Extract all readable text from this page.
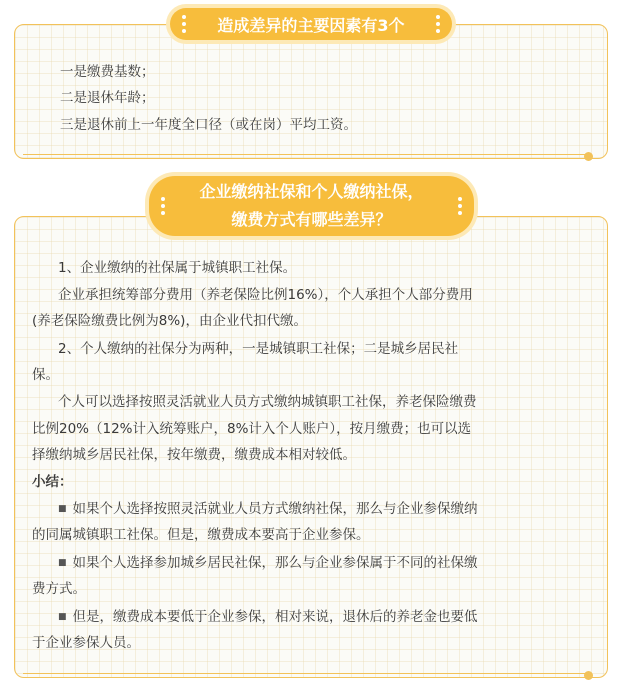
造成差异的主要因素有3个

一是缴费基数；

二是退休年龄；

三是退休前上一年度全口径（或在岗）平均工资。

企业缴纳社保和个人缴纳社保，
缴费方式有哪些差异？

1、企业缴纳的社保属于城镇职工社保。

企业承担统筹部分费用（养老保险比例16%），个人承担个人部分费用

(养老保险缴费比例为8%)，由企业代扣代缴。

2、个人缴纳的社保分为两种，一是城镇职工社保；二是城乡居民社

保。

个人可以选择按照灵活就业人员方式缴纳城镇职工社保，养老保险缴费

比例20%（12%计入统筹账户，8%计入个人账户），按月缴费；也可以选

择缴纳城乡居民社保，按年缴费，缴费成本相对较低。

小结：

■ 如果个人选择按照灵活就业人员方式缴纳社保，那么与企业参保缴纳

的同属城镇职工社保。但是，缴费成本要高于企业参保。

■ 如果个人选择参加城乡居民社保，那么与企业参保属于不同的社保缴

费方式。

■ 但是，缴费成本要低于企业参保，相对来说，退休后的养老金也要低

于企业参保人员。
